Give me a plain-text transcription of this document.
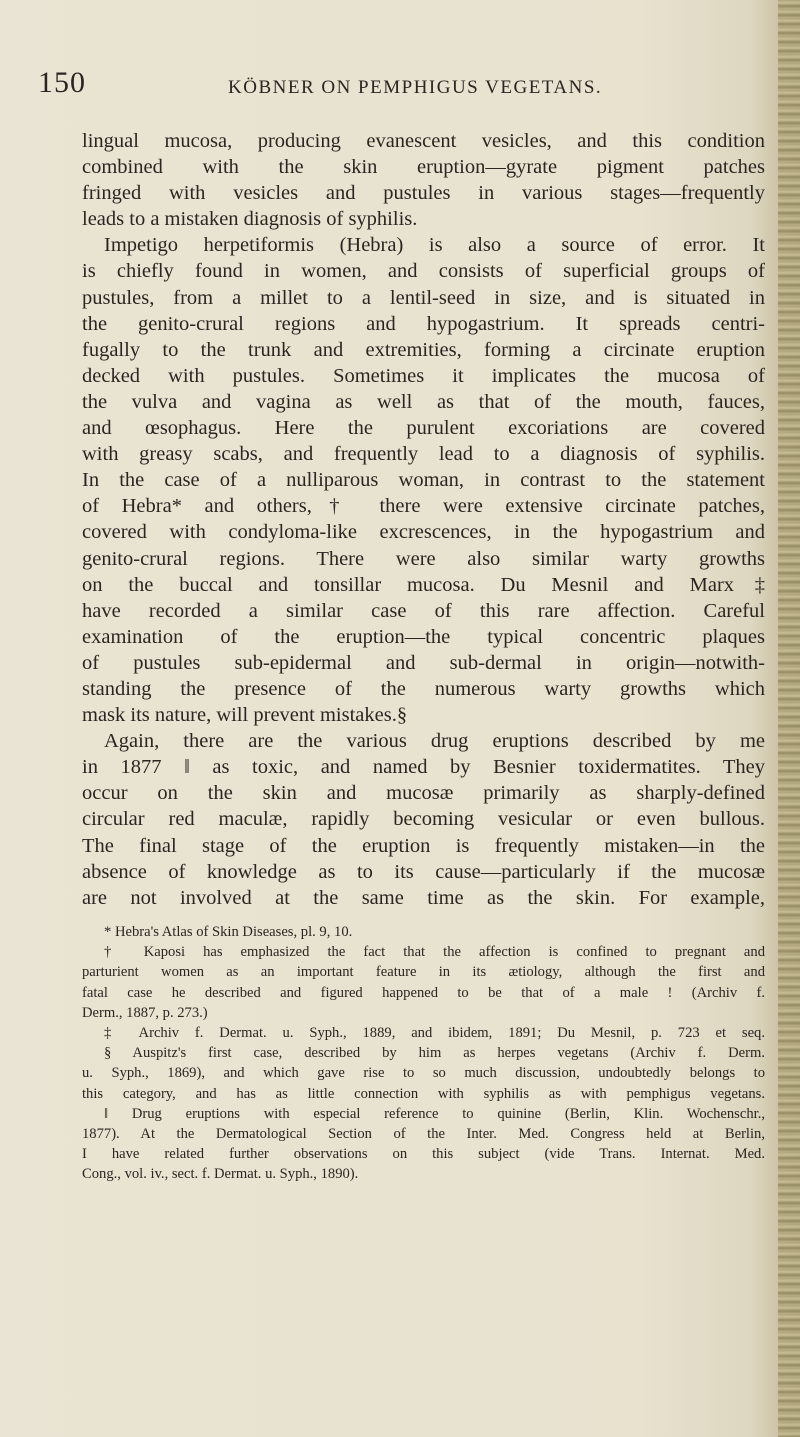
150	KÖBNER ON PEMPHIGUS VEGETANS.
lingual mucosa, producing evanescent vesicles, and this condition
combined with the skin eruption—gyrate pigment patches
fringed with vesicles and pustules in various stages—frequently
leads to a mistaken diagnosis of syphilis.
Impetigo herpetiformis (Hebra) is also a source of error. It
is chiefly found in women, and consists of superficial groups of
pustules, from a millet to a lentil-seed in size, and is situated in
the genito-crural regions and hypogastrium. It spreads centri-
fugally to the trunk and extremities, forming a circinate eruption
decked with pustules. Sometimes it implicates the mucosa of
the vulva and vagina as well as that of the mouth, fauces,
and œsophagus. Here the purulent excoriations are covered
with greasy scabs, and frequently lead to a diagnosis of syphilis.
In the case of a nulliparous woman, in contrast to the statement
of Hebra* and others,† there were extensive circinate patches,
covered with condyloma-like excrescences, in the hypogastrium and
genito-crural regions. There were also similar warty growths
on the buccal and tonsillar mucosa. Du Mesnil and Marx‡
have recorded a similar case of this rare affection. Careful
examination of the eruption—the typical concentric plaques
of pustules sub-epidermal and sub-dermal in origin—notwith-
standing the presence of the numerous warty growths which
mask its nature, will prevent mistakes.§
Again, there are the various drug eruptions described by me
in 1877 ‖ as toxic, and named by Besnier toxidermatites. They
occur on the skin and mucosæ primarily as sharply-defined
circular red maculæ, rapidly becoming vesicular or even bullous.
The final stage of the eruption is frequently mistaken—in the
absence of knowledge as to its cause—particularly if the mucosæ
are not involved at the same time as the skin. For example,
* Hebra's Atlas of Skin Diseases, pl. 9, 10.
† Kaposi has emphasized the fact that the affection is confined to pregnant and
parturient women as an important feature in its ætiology, although the first and
fatal case he described and figured happened to be that of a male ! (Archiv f.
Derm., 1887, p. 273.)
‡ Archiv f. Dermat. u. Syph., 1889, and ibidem, 1891; Du Mesnil, p. 723 et seq.
§ Auspitz's first case, described by him as herpes vegetans (Archiv f. Derm.
u. Syph., 1869), and which gave rise to so much discussion, undoubtedly belongs to
this category, and has as little connection with syphilis as with pemphigus vegetans.
‖ Drug eruptions with especial reference to quinine (Berlin, Klin. Wochenschr.,
1877). At the Dermatological Section of the Inter. Med. Congress held at Berlin,
I have related further observations on this subject (vide Trans. Internat. Med.
Cong., vol. iv., sect. f. Dermat. u. Syph., 1890).
